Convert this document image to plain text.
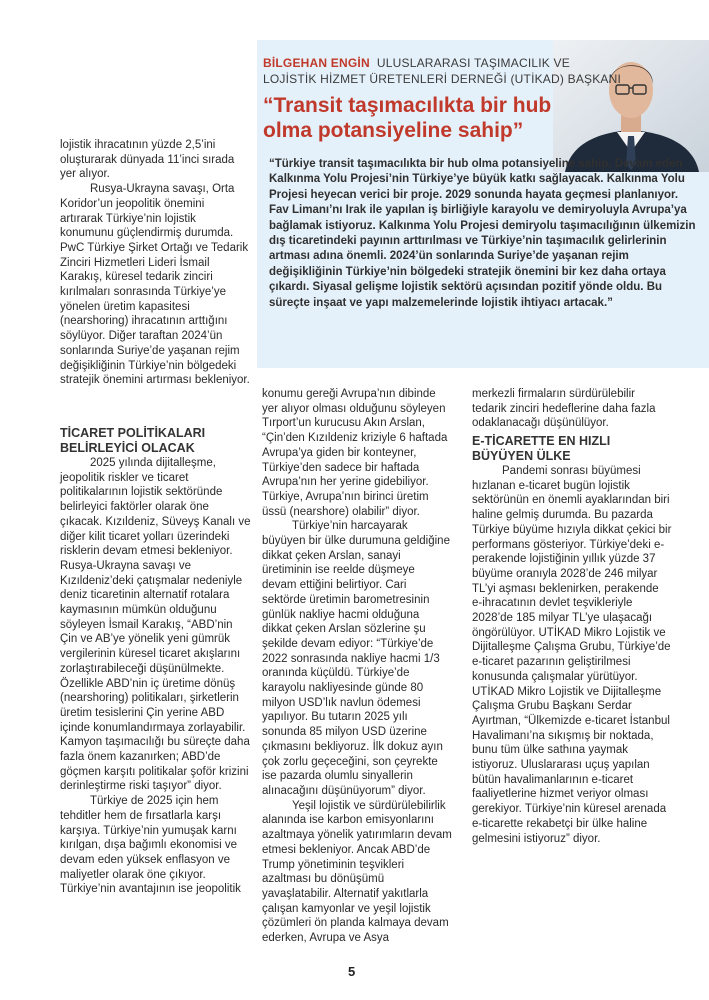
BİLGEHAN ENGİN ULUSLARARASI TAŞIMACILIK VE
LOJİSTİK HİZMET ÜRETENLERİ DERNEĞİ (UTİKAD) BAŞKANI
“Transit taşımacılıkta bir hub olma potansiyeline sahip”

“Türkiye transit taşımacılıkta bir hub olma potansiyeline sahip. Devam eden Kalkınma Yolu Projesi’nin Türkiye’ye büyük katkı sağlayacak. Kalkınma Yolu Projesi heyecan verici bir proje. 2029 sonunda hayata geçmesi planlanıyor. Fav Limanı’nı Irak ile yapılan iş birliğiyle karayolu ve demiryoluyla Avrupa’ya bağlamak istiyoruz. Kalkınma Yolu Projesi demiryolu taşımacılığının ülkemizin dış ticaretindeki payının arttırılması ve Türkiye’nin taşımacılık gelirlerinin artması adına önemli. 2024’ün sonlarında Suriye’de yaşanan rejim değişikliğinin Türkiye’nin bölgedeki stratejik önemini bir kez daha ortaya çıkardı. Siyasal gelişme lojistik sektörü açısından pozitif yönde oldu. Bu süreçte inşaat ve yapı malzemelerinde lojistik ihtiyacı artacak.”

lojistik ihracatının yüzde 2,5’ini oluşturarak dünyada 11’inci sırada yer alıyor.

Rusya-Ukrayna savaşı, Orta Koridor’un jeopolitik önemini artırarak Türkiye’nin lojistik konumunu güçlendirmiş durumda. PwC Türkiye Şirket Ortağı ve Tedarik Zinciri Hizmetleri Lideri İsmail Karakış, küresel tedarik zinciri kırılmaları sonrasında Türkiye’ye yönelen üretim kapasitesi (nearshoring) ihracatının arttığını söylüyor. Diğer taraftan 2024’ün sonlarında Suriye’de yaşanan rejim değişikliğinin Türkiye’nin bölgedeki stratejik önemini artırması bekleniyor.

TİCARET POLİTİKALARI BELİRLEYİCİ OLACAK

2025 yılında dijitalleşme, jeopolitik riskler ve ticaret politikalarının lojistik sektöründe belirleyici faktörler olarak öne çıkacak. Kızıldeniz, Süveyş Kanalı ve diğer kilit ticaret yolları üzerindeki risklerin devam etmesi bekleniyor. Rusya-Ukrayna savaşı ve Kızıldeniz’deki çatışmalar nedeniyle deniz ticaretinin alternatif rotalara kaymasının mümkün olduğunu söyleyen İsmail Karakış, “ABD’nin Çin ve AB’ye yönelik yeni gümrük vergilerinin küresel ticaret akışlarını zorlaştırabileceği düşünülmekte. Özellikle ABD’nin iç üretime dönüş (nearshoring) politikaları, şirketlerin üretim tesislerini Çin yerine ABD içinde konumlandırmaya zorlayabilir. Kamyon taşımacılığı bu süreçte daha fazla önem kazanırken; ABD’de göçmen karşıtı politikalar şoför krizini derinleştirme riski taşıyor” diyor.

Türkiye de 2025 için hem tehditler hem de fırsatlarla karşı karşıya. Türkiye’nin yumuşak karnı kırılgan, dışa bağımlı ekonomisi ve devam eden yüksek enflasyon ve maliyetler olarak öne çıkıyor. Türkiye’nin avantajının ise jeopolitik

konumu gereği Avrupa’nın dibinde yer alıyor olması olduğunu söyleyen Tırport’un kurucusu Akın Arslan, “Çin’den Kızıldeniz kriziyle 6 haftada Avrupa’ya giden bir konteyner, Türkiye’den sadece bir haftada Avrupa’nın her yerine gidebiliyor. Türkiye, Avrupa’nın birinci üretim üssü (nearshore) olabilir” diyor.

Türkiye’nin harcayarak büyüyen bir ülke durumuna geldiğine dikkat çeken Arslan, sanayi üretiminin ise reelde düşmeye devam ettiğini belirtiyor. Cari sektörde üretimin barometresinin günlük nakliye hacmi olduğuna dikkat çeken Arslan sözlerine şu şekilde devam ediyor: “Türkiye’de 2022 sonrasında nakliye hacmi 1/3 oranında küçüldü. Türkiye’de karayolu nakliyesinde günde 80 milyon USD’lık navlun ödemesi yapılıyor. Bu tutarın 2025 yılı sonunda 85 milyon USD üzerine çıkmasını bekliyoruz. İlk dokuz ayın çok zorlu geçeceğini, son çeyrekte ise pazarda olumlu sinyallerin alınacağını düşünüyorum” diyor.

Yeşil lojistik ve sürdürülebilirlik alanında ise karbon emisyonlarını azaltmaya yönelik yatırımların devam etmesi bekleniyor. Ancak ABD’de Trump yönetiminin teşvikleri azaltması bu dönüşümü yavaşlatabilir. Alternatif yakıtlarla çalışan kamyonlar ve yeşil lojistik çözümleri ön planda kalmaya devam ederken, Avrupa ve Asya

merkezli firmaların sürdürülebilir tedarik zinciri hedeflerine daha fazla odaklanacağı düşünülüyor.

E-TİCARETTE EN HIZLI BÜYÜYEN ÜLKE

Pandemi sonrası büyümesi hızlanan e-ticaret bugün lojistik sektörünün en önemli ayaklarından biri haline gelmiş durumda. Bu pazarda Türkiye büyüme hızıyla dikkat çekici bir performans gösteriyor. Türkiye’deki e-perakende lojistiğinin yıllık yüzde 37 büyüme oranıyla 2028’de 246 milyar TL’yi aşması beklenirken, perakende e-ihracatının devlet teşvikleriyle 2028’de 185 milyar TL’ye ulaşacağı öngörülüyor. UTİKAD Mikro Lojistik ve Dijitalleşme Çalışma Grubu, Türkiye’de e-ticaret pazarının geliştirilmesi konusunda çalışmalar yürütüyor. UTİKAD Mikro Lojistik ve Dijitalleşme Çalışma Grubu Başkanı Serdar Ayırtman, “Ülkemizde e-ticaret İstanbul Havalimanı’na sıkışmış bir noktada, bunu tüm ülke sathına yaymak istiyoruz. Uluslararası uçuş yapılan bütün havalimanlarının e-ticaret faaliyetlerine hizmet veriyor olması gerekiyor. Türkiye’nin küresel arenada e-ticarette rekabetçi bir ülke haline gelmesini istiyoruz” diyor.

5
